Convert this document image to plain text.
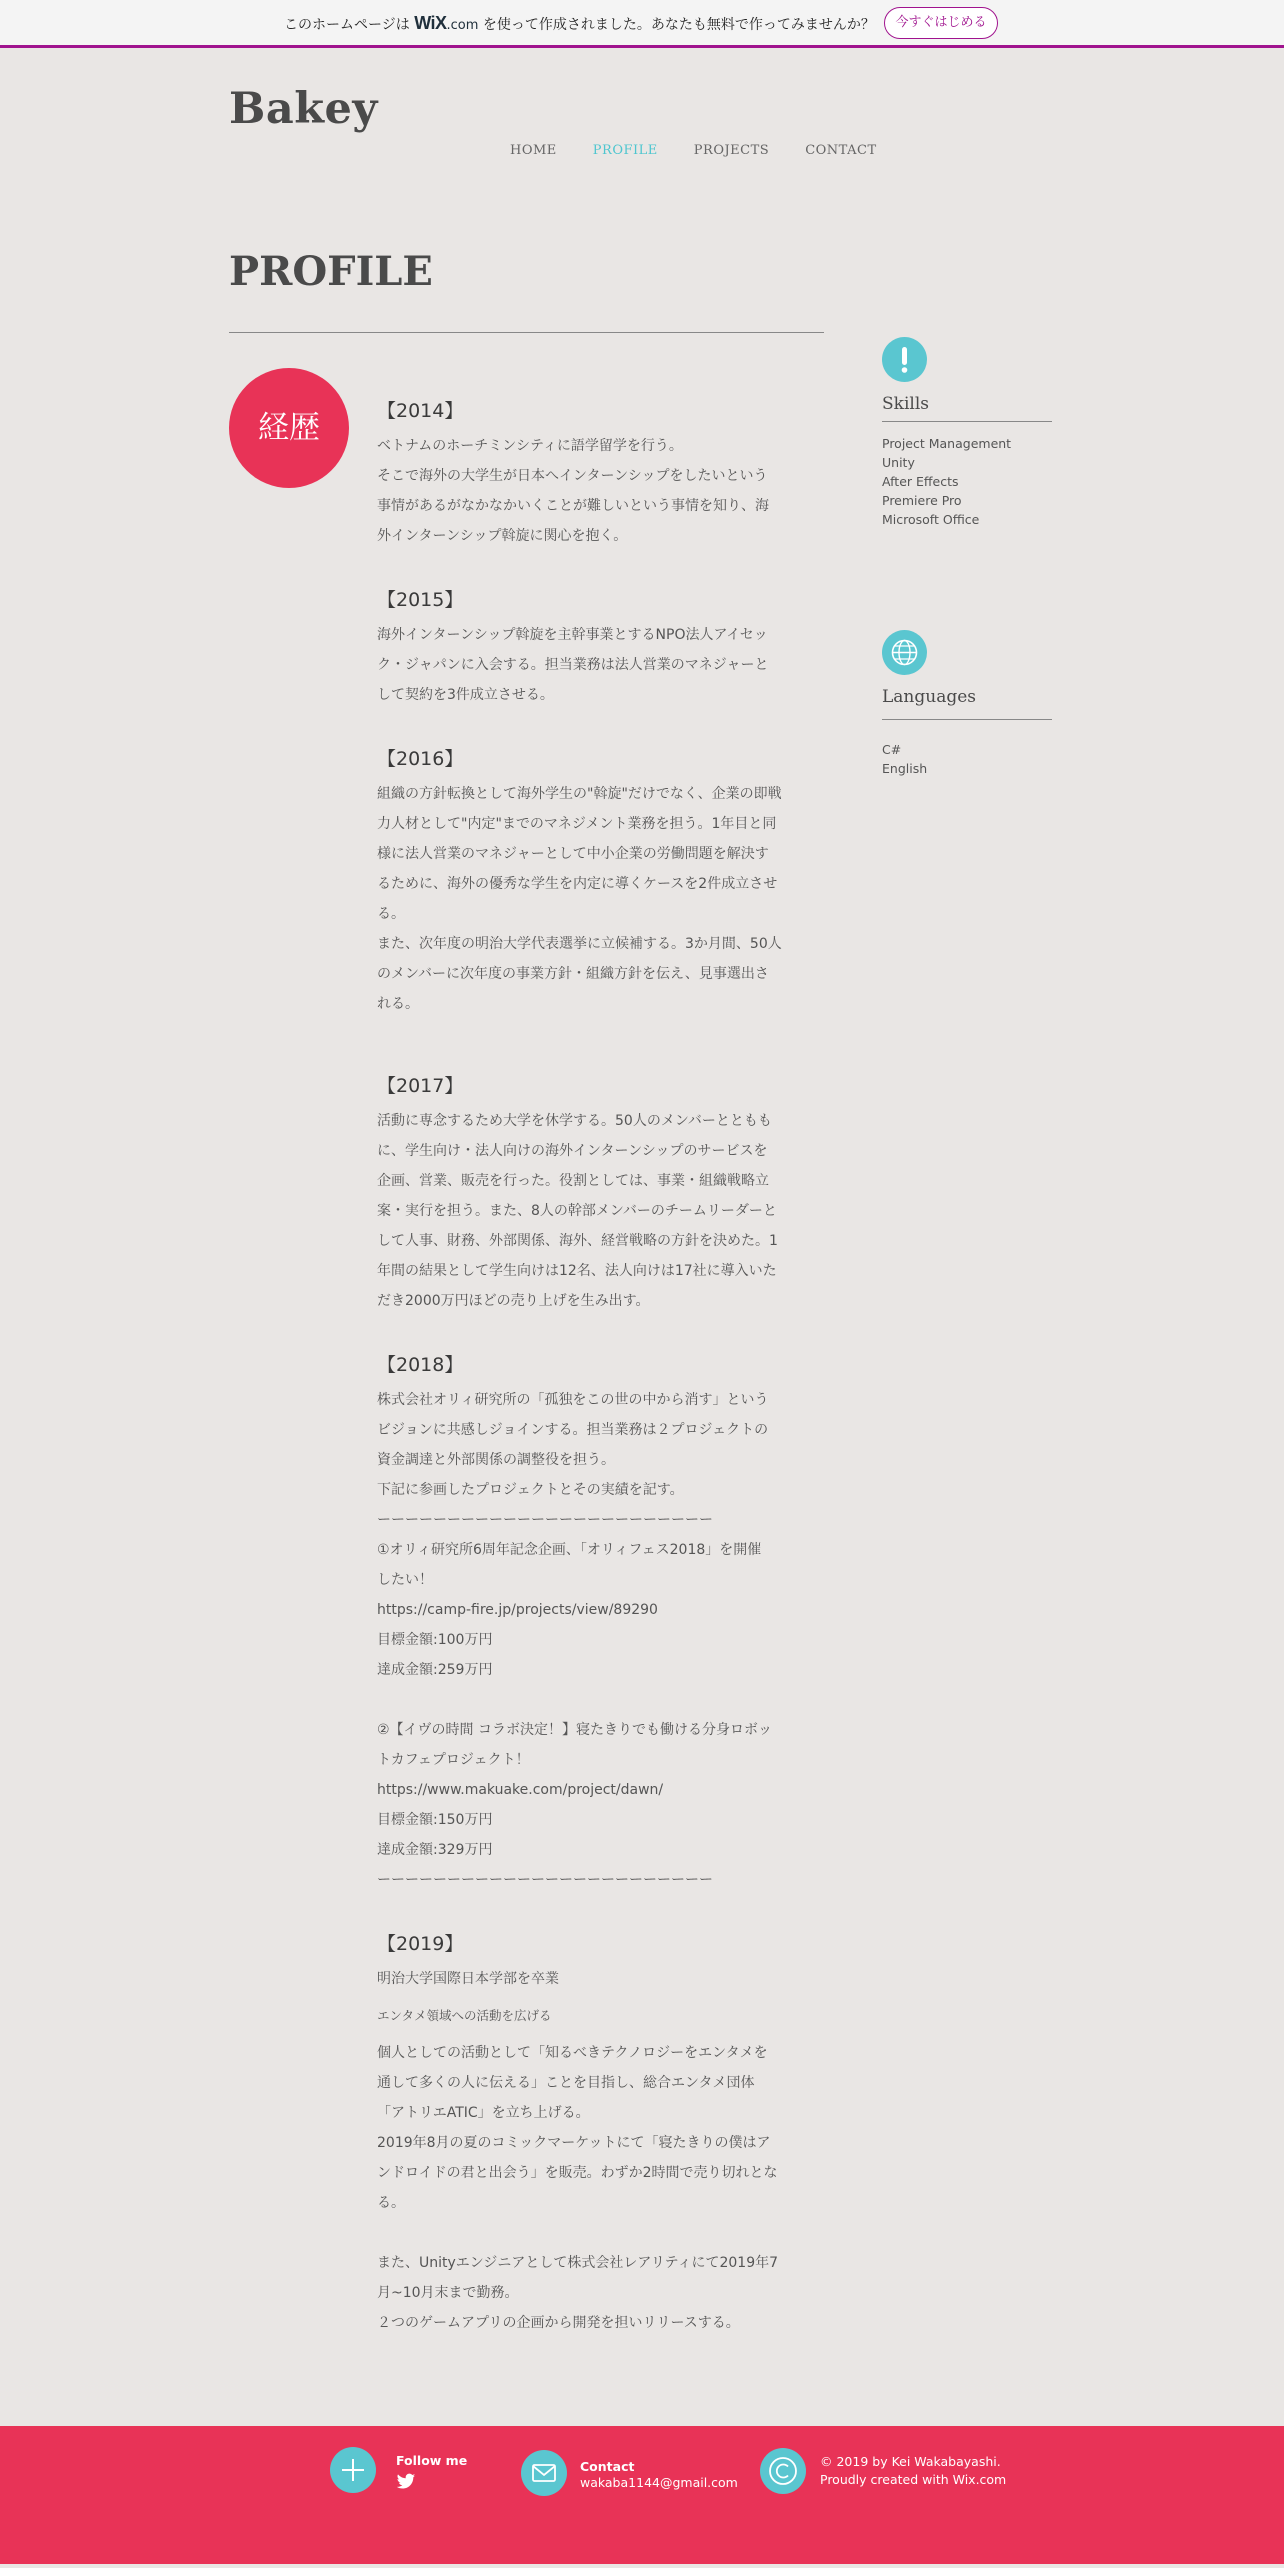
このホームページは WiX.com を使って作成されました。あなたも無料で作ってみませんか？	今すぐはじめる
Bakey
HOME	PROFILE	PROJECTS	CONTACT
PROFILE
経歴	【2014】
ベトナムのホーチミンシティに語学留学を行う。
そこで海外の大学生が日本へインターンシップをしたいという
事情があるがなかなかいくことが難しいという事情を知り、海
外インターンシップ斡旋に関心を抱く。
【2015】
海外インターンシップ斡旋を主幹事業とするNPO法人アイセッ
ク・ジャパンに入会する。担当業務は法人営業のマネジャーと
して契約を3件成立させる。
【2016】
組織の方針転換として海外学生の"斡旋"だけでなく、企業の即戦
力人材として"内定"までのマネジメント業務を担う。1年目と同
様に法人営業のマネジャーとして中小企業の労働問題を解決す
るために、海外の優秀な学生を内定に導くケースを2件成立させ
る。
また、次年度の明治大学代表選挙に立候補する。3か月間、50人
のメンバーに次年度の事業方針・組織方針を伝え、見事選出さ
れる。
【2017】
活動に専念するため大学を休学する。50人のメンバーとともも
に、学生向け・法人向けの海外インターンシップのサービスを
企画、営業、販売を行った。役割としては、事業・組織戦略立
案・実行を担う。また、8人の幹部メンバーのチームリーダーと
して人事、財務、外部関係、海外、経営戦略の方針を決めた。1
年間の結果として学生向けは12名、法人向けは17社に導入いた
だき2000万円ほどの売り上げを生み出す。
【2018】
株式会社オリィ研究所の「孤独をこの世の中から消す」という
ビジョンに共感しジョインする。担当業務は２プロジェクトの
資金調達と外部関係の調整役を担う。
下記に参画したプロジェクトとその実績を記す。
ーーーーーーーーーーーーーーーーーーーーーーーー
①オリィ研究所6周年記念企画、「オリィフェス2018」を開催
したい！
https://camp-fire.jp/projects/view/89290
目標金額:100万円
達成金額:259万円
②【イヴの時間 コラボ決定！】寝たきりでも働ける分身ロボッ
トカフェプロジェクト！
https://www.makuake.com/project/dawn/
目標金額:150万円
達成金額:329万円
ーーーーーーーーーーーーーーーーーーーーーーーー
【2019】
明治大学国際日本学部を卒業
エンタメ領域への活動を広げる
個人としての活動として「知るべきテクノロジーをエンタメを
通して多くの人に伝える」ことを目指し、総合エンタメ団体
「アトリエATIC」を立ち上げる。
2019年8月の夏のコミックマーケットにて「寝たきりの僕はア
ンドロイドの君と出会う」を販売。わずか2時間で売り切れとな
る。
また、Unityエンジニアとして株式会社レアリティにて2019年7
月~10月末まで勤務。
２つのゲームアプリの企画から開発を担いリリースする。
Skills
Project Management
Unity
After Effects
Premiere Pro
Microsoft Office
Languages
C#
English
Follow me	Contact
wakaba1144@gmail.com
© 2019 by Kei Wakabayashi.
Proudly created with Wix.com
